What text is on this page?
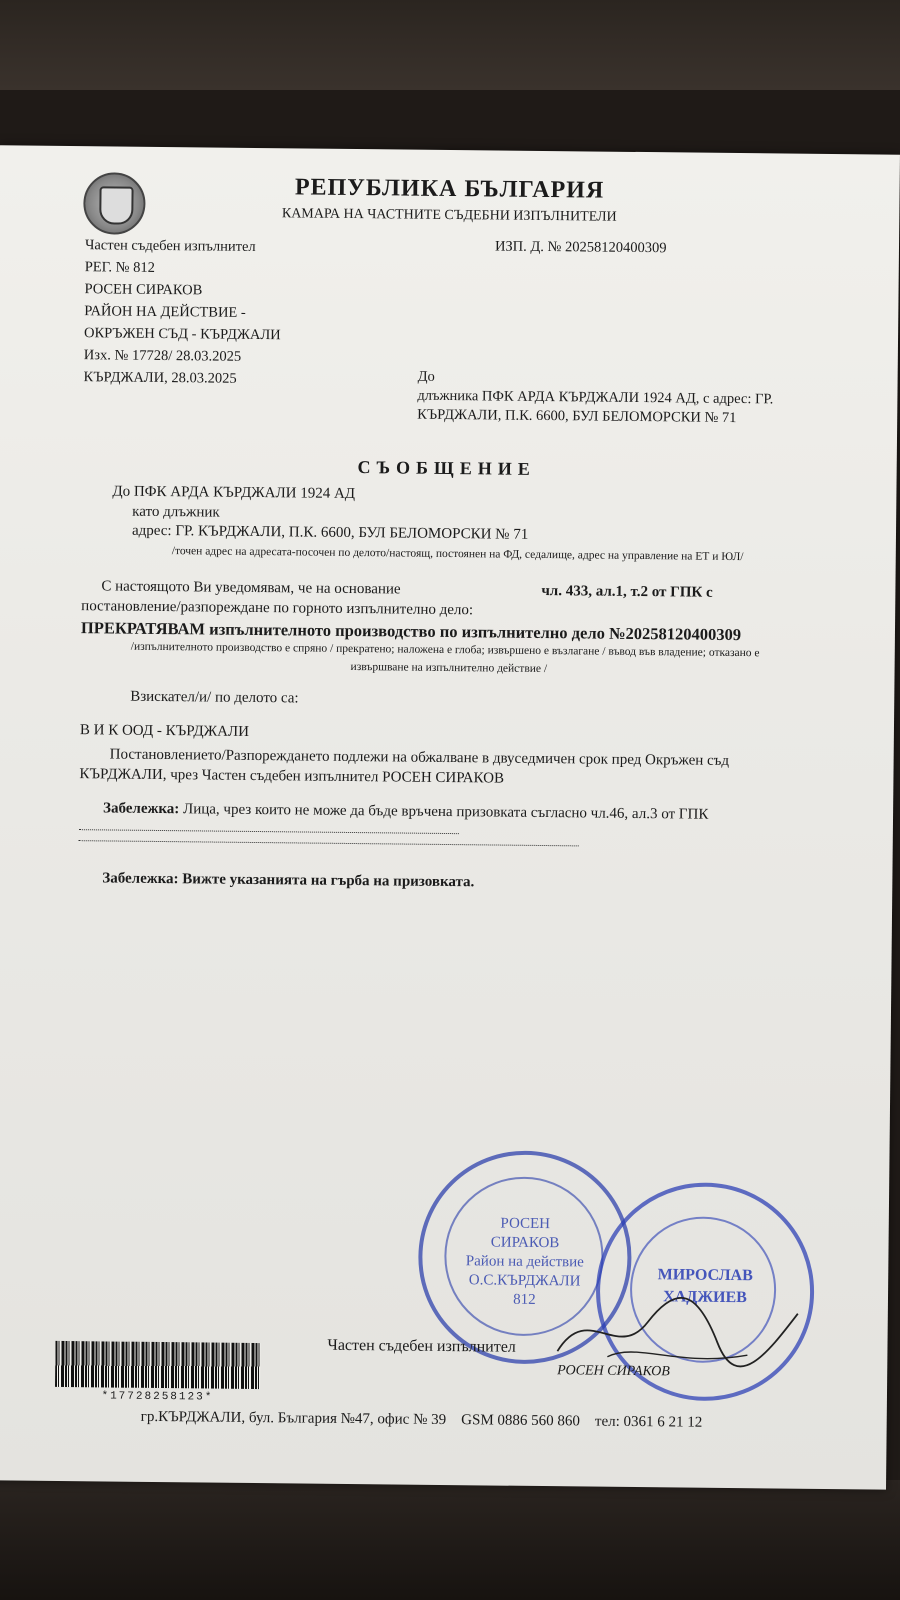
РЕПУБЛИКА БЪЛГАРИЯ
КАМАРА НА ЧАСТНИТЕ СЪДЕБНИ ИЗПЪЛНИТЕЛИ
Частен съдебен изпълнител
РЕГ. № 812
РОСЕН СИРАКОВ
РАЙОН НА ДЕЙСТВИЕ -
ОКРЪЖЕН СЪД - КЪРДЖАЛИ
Изх. № 17728/ 28.03.2025
КЪРДЖАЛИ, 28.03.2025
ИЗП. Д. № 20258120400309
До
длъжника ПФК АРДА КЪРДЖАЛИ 1924 АД, с адрес: ГР.
КЪРДЖАЛИ, П.К. 6600, БУЛ БЕЛОМОРСКИ № 71
СЪОБЩЕНИЕ
До ПФК АРДА КЪРДЖАЛИ 1924 АД
като длъжник
адрес: ГР. КЪРДЖАЛИ, П.К. 6600, БУЛ БЕЛОМОРСКИ № 71
/точен адрес на адресата-посочен по делото/настоящ, постоянен на ФД, седалище, адрес на управление на ЕТ и ЮЛ/
С настоящото Ви уведомявам, че на основание	чл. 433, ал.1, т.2 от ГПК с
постановление/разпореждане по горното изпълнително дело:
ПРЕКРАТЯВАМ изпълнителното производство по изпълнително дело №20258120400309
/изпълнителното производство е спряно / прекратено; наложена е глоба; извършено е възлагане / въвод във владение; отказано е
извършване на изпълнително действие /
Взискател/и/ по делото са:
В И К ООД - КЪРДЖАЛИ
Постановлението/Разпореждането подлежи на обжалване в двуседмичен срок пред Окръжен съд
КЪРДЖАЛИ, чрез Частен съдебен изпълнител РОСЕН СИРАКОВ
Забележка: Лица, чрез които не може да бъде връчена призовката съгласно чл.46, ал.3 от ГПК
Забележка: Вижте указанията на гърба на призовката.
РОСЕН
СИРАКОВ
Район на действие
О.С.КЪРДЖАЛИ
812
МИРОСЛАВ
ХАДЖИЕВ
Частен съдебен изпълнител
РОСЕН СИРАКОВ
*17728258123*
гр.КЪРДЖАЛИ, бул. България №47, офис № 39 GSM 0886 560 860 тел: 0361 6 21 12
